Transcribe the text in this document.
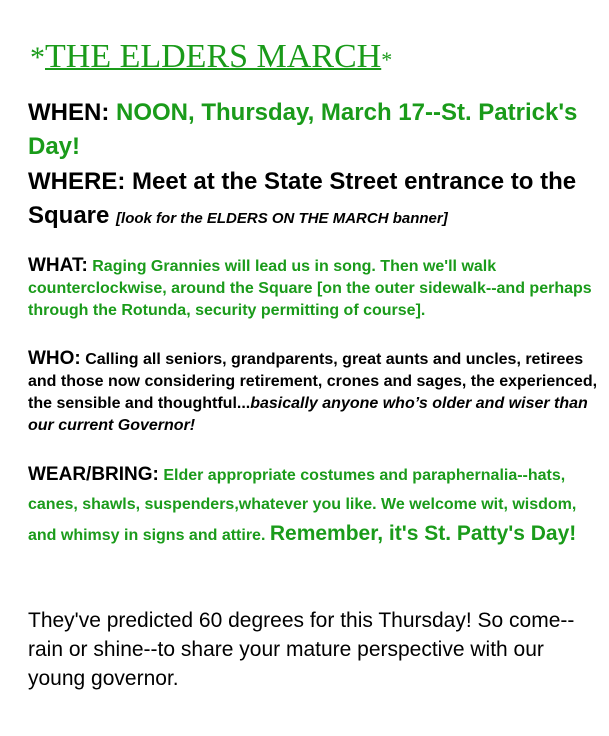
*THE ELDERS MARCH*
WHEN: NOON, Thursday, March 17--St. Patrick's Day!
WHERE: Meet at the State Street entrance to the Square [look for the ELDERS ON THE MARCH banner]
WHAT: Raging Grannies will lead us in song. Then we'll walk counterclockwise, around the Square [on the outer sidewalk--and perhaps through the Rotunda, security permitting of course].
WHO: Calling all seniors, grandparents, great aunts and uncles, retirees and those now considering retirement, crones and sages, the experienced, the sensible and thoughtful...basically anyone who’s older and wiser than our current Governor!
WEAR/BRING: Elder appropriate costumes and paraphernalia--hats, canes, shawls, suspenders,whatever you like. We welcome wit, wisdom, and whimsy in signs and attire. Remember, it's St. Patty's Day!
They've predicted 60 degrees for this Thursday! So come--rain or shine--to share your mature perspective with our young governor.
